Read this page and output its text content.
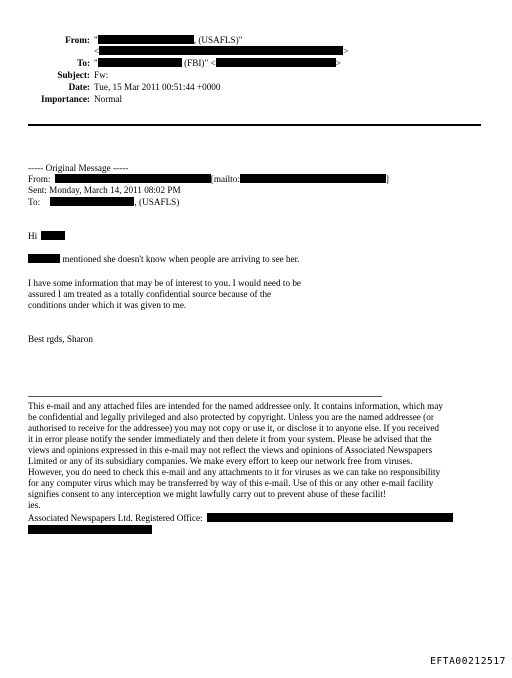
From: "	, (USAFLS)"
<	>
To: "	(FBI)" <	>
Subject: Fw:
Date: Tue, 15 Mar 2011 00:51:44 +0000
Importance: Normal
----- Original Message -----
From:	[mailto:	]
Sent: Monday, March 14, 2011 08:02 PM
To:	, (USAFLS)
Hi
mentioned she doesn't know when people are arriving to see her.
I have some information that may be of interest to you. I would need to be
assured I am treated as a totally confidential source because of the
conditions under which it was given to me.
Best rgds, Sharon
This e-mail and any attached files are intended for the named addressee only. It contains information, which may
be confidential and legally privileged and also protected by copyright. Unless you are the named addressee (or
authorised to receive for the addressee) you may not copy or use it, or disclose it to anyone else. If you received
it in error please notify the sender immediately and then delete it from your system. Please be advised that the
views and opinions expressed in this e-mail may not reflect the views and opinions of Associated Newspapers
Limited or any of its subsidiary companies. We make every effort to keep our network free from viruses.
However, you do need to check this e-mail and any attachments to it for viruses as we can take no responsibility
for any computer virus which may be transferred by way of this e-mail. Use of this or any other e-mail facility
signifies consent to any interception we might lawfully carry out to prevent abuse of these facilit!
ies.
Associated Newspapers Ltd. Registered Office:
EFTA00212517
